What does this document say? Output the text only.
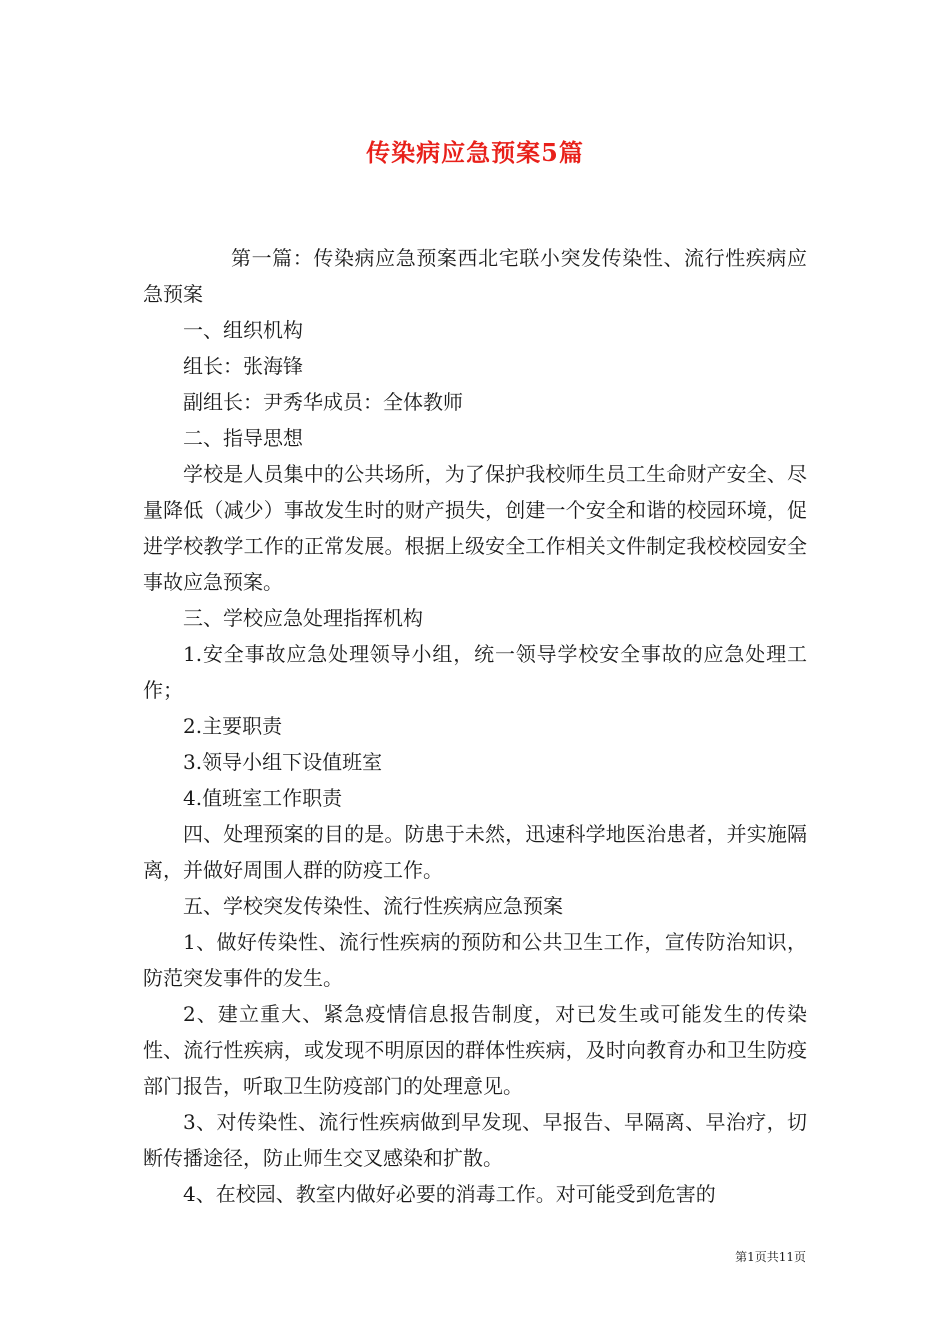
传染病应急预案5篇

第一篇：传染病应急预案西北宅联小突发传染性、流行性疾病应急预案

一、组织机构

组长：张海锋

副组长：尹秀华成员：全体教师

二、指导思想

学校是人员集中的公共场所，为了保护我校师生员工生命财产安全、尽量降低（减少）事故发生时的财产损失，创建一个安全和谐的校园环境，促进学校教学工作的正常发展。根据上级安全工作相关文件制定我校校园安全事故应急预案。

三、学校应急处理指挥机构

1.安全事故应急处理领导小组，统一领导学校安全事故的应急处理工作；

2.主要职责

3.领导小组下设值班室

4.值班室工作职责

四、处理预案的目的是。防患于未然，迅速科学地医治患者，并实施隔离，并做好周围人群的防疫工作。

五、学校突发传染性、流行性疾病应急预案

1、做好传染性、流行性疾病的预防和公共卫生工作，宣传防治知识，防范突发事件的发生。

2、建立重大、紧急疫情信息报告制度，对已发生或可能发生的传染性、流行性疾病，或发现不明原因的群体性疾病，及时向教育办和卫生防疫部门报告，听取卫生防疫部门的处理意见。

3、对传染性、流行性疾病做到早发现、早报告、早隔离、早治疗，切断传播途径，防止师生交叉感染和扩散。

4、在校园、教室内做好必要的消毒工作。对可能受到危害的

第1页共11页
